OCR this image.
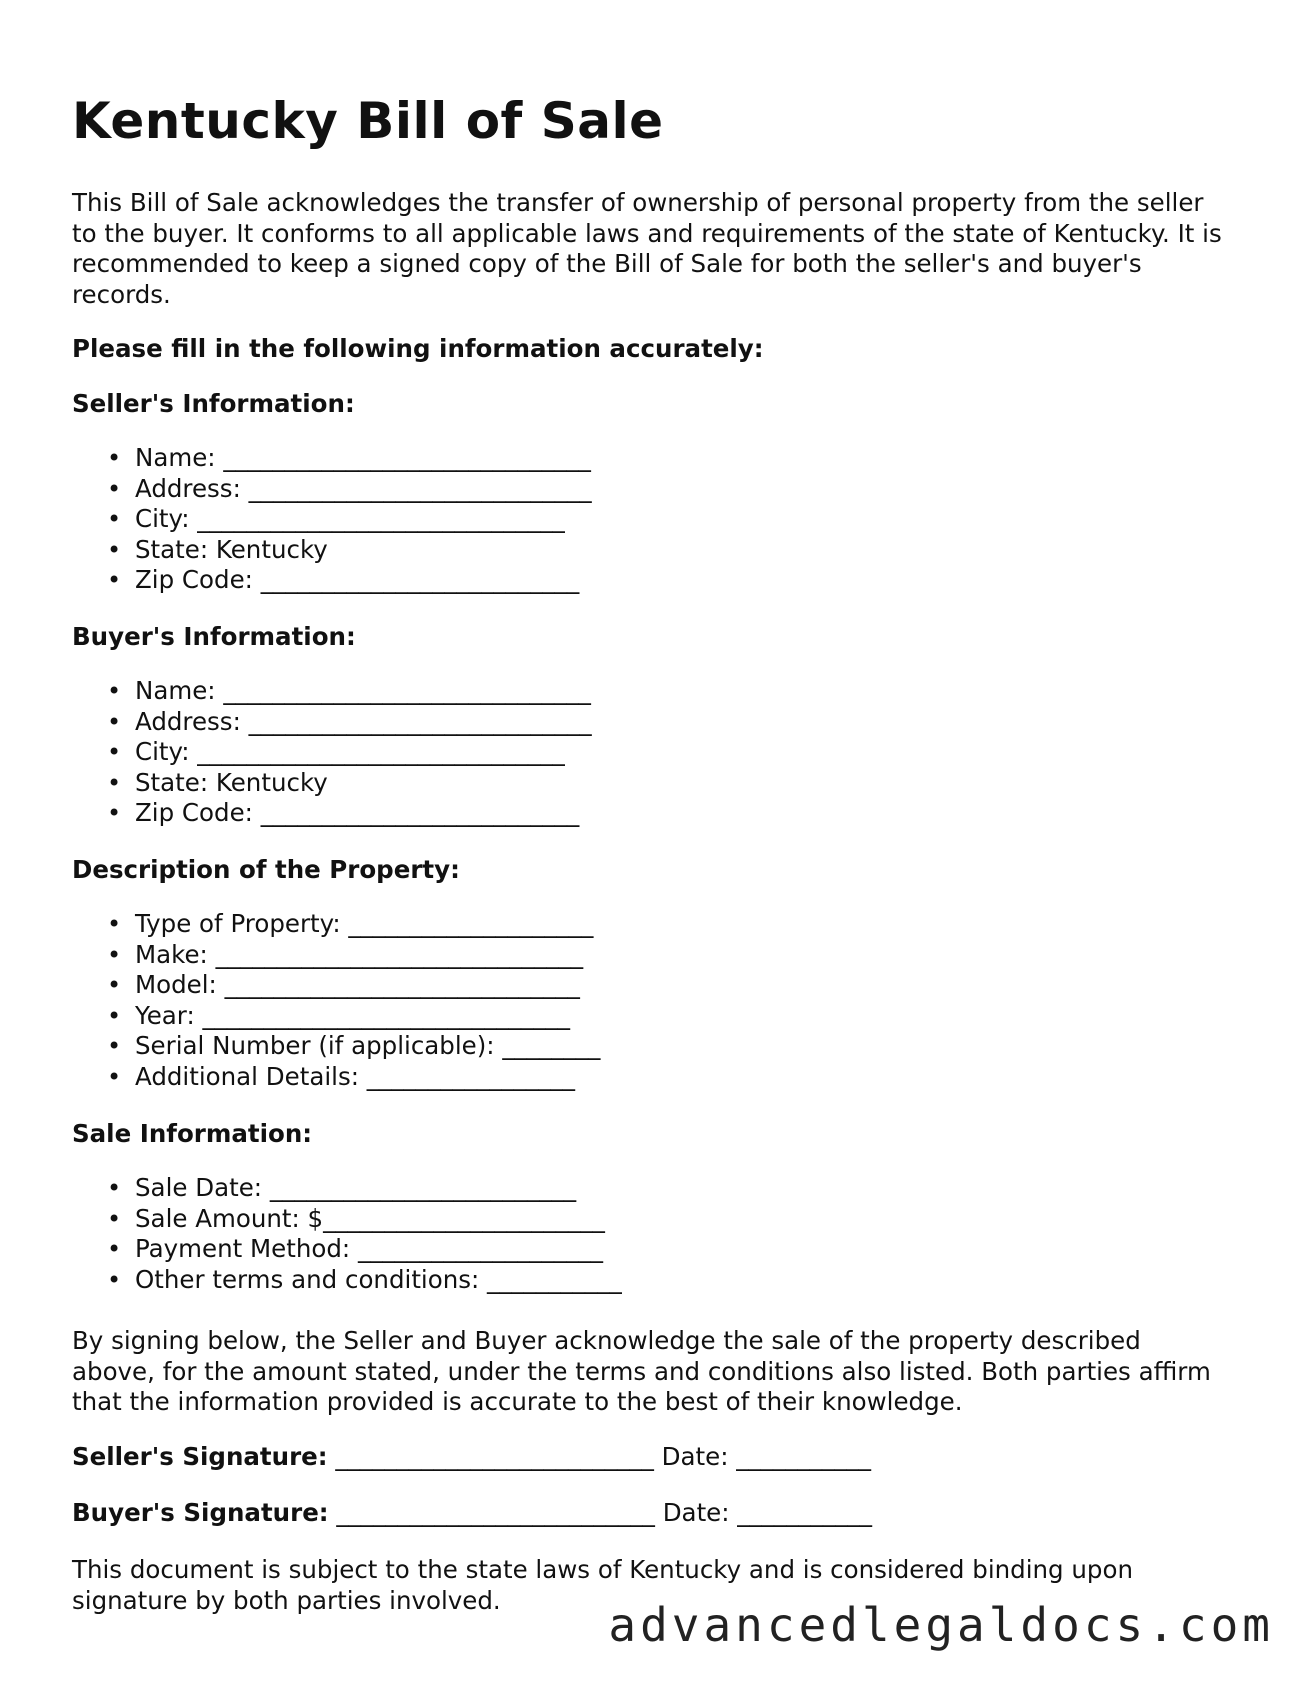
Kentucky Bill of Sale

This Bill of Sale acknowledges the transfer of ownership of personal property from the seller to the buyer. It conforms to all applicable laws and requirements of the state of Kentucky. It is recommended to keep a signed copy of the Bill of Sale for both the seller's and buyer's records.

Please fill in the following information accurately:

Seller's Information:

• Name: ______________________________
• Address: ____________________________
• City: ______________________________
• State: Kentucky
• Zip Code: __________________________

Buyer's Information:

• Name: ______________________________
• Address: ____________________________
• City: ______________________________
• State: Kentucky
• Zip Code: __________________________

Description of the Property:

• Type of Property: ____________________
• Make: ______________________________
• Model: _____________________________
• Year: ______________________________
• Serial Number (if applicable): ________
• Additional Details: _________________

Sale Information:

• Sale Date: _________________________
• Sale Amount: $_______________________
• Payment Method: ____________________
• Other terms and conditions: ___________

By signing below, the Seller and Buyer acknowledge the sale of the property described above, for the amount stated, under the terms and conditions also listed. Both parties affirm that the information provided is accurate to the best of their knowledge.

Seller's Signature: __________________________ Date: ___________
Buyer's Signature: __________________________ Date: ___________

This document is subject to the state laws of Kentucky and is considered binding upon signature by both parties involved.	advancedlegaldocs.com
